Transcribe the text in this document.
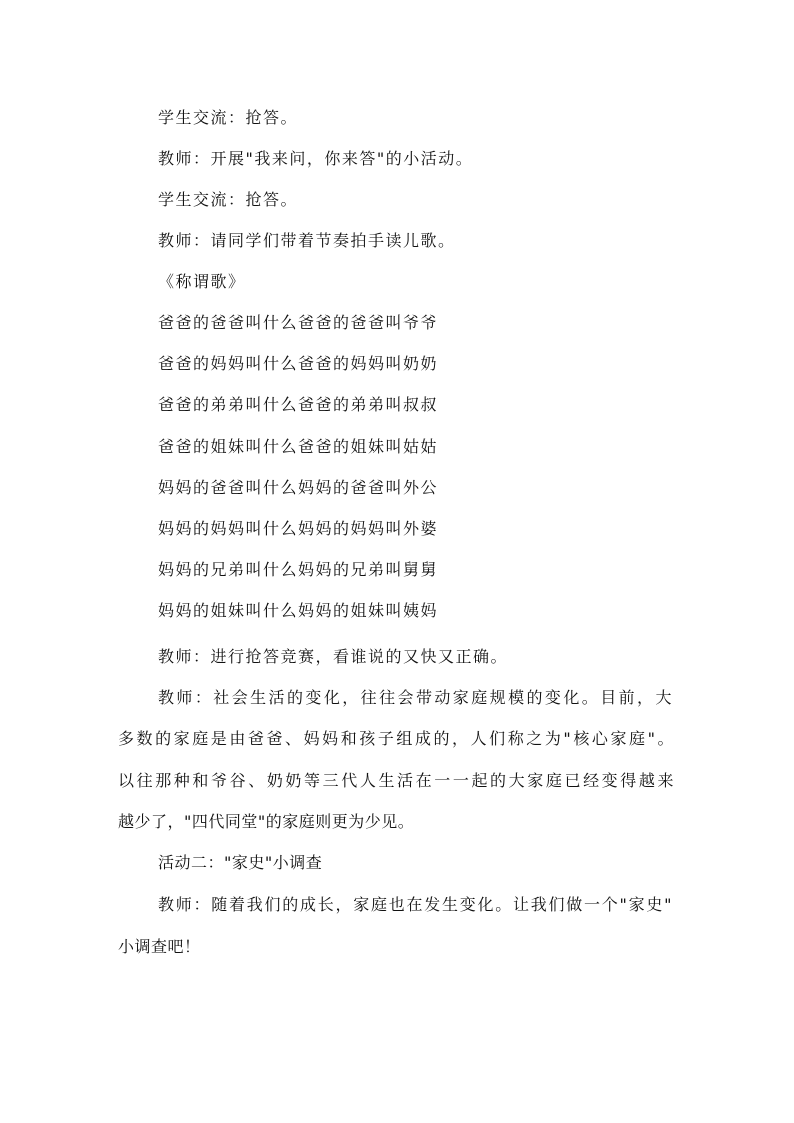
学生交流：抢答。
教师：开展"我来问，你来答"的小活动。
学生交流：抢答。
教师：请同学们带着节奏拍手读儿歌。
《称谓歌》
爸爸的爸爸叫什么爸爸的爸爸叫爷爷
爸爸的妈妈叫什么爸爸的妈妈叫奶奶
爸爸的弟弟叫什么爸爸的弟弟叫叔叔
爸爸的姐妹叫什么爸爸的姐妹叫姑姑
妈妈的爸爸叫什么妈妈的爸爸叫外公
妈妈的妈妈叫什么妈妈的妈妈叫外婆
妈妈的兄弟叫什么妈妈的兄弟叫舅舅
妈妈的姐妹叫什么妈妈的姐妹叫姨妈
教师：进行抢答竞赛，看谁说的又快又正确。
教师：社会生活的变化，往往会带动家庭规模的变化。目前，大
多数的家庭是由爸爸、妈妈和孩子组成的，人们称之为"核心家庭"。
以往那种和爷谷、奶奶等三代人生活在一一起的大家庭已经变得越来
越少了，"四代同堂"的家庭则更为少见。
活动二："家史"小调查
教师：随着我们的成长，家庭也在发生变化。让我们做一个"家史"
小调查吧！
